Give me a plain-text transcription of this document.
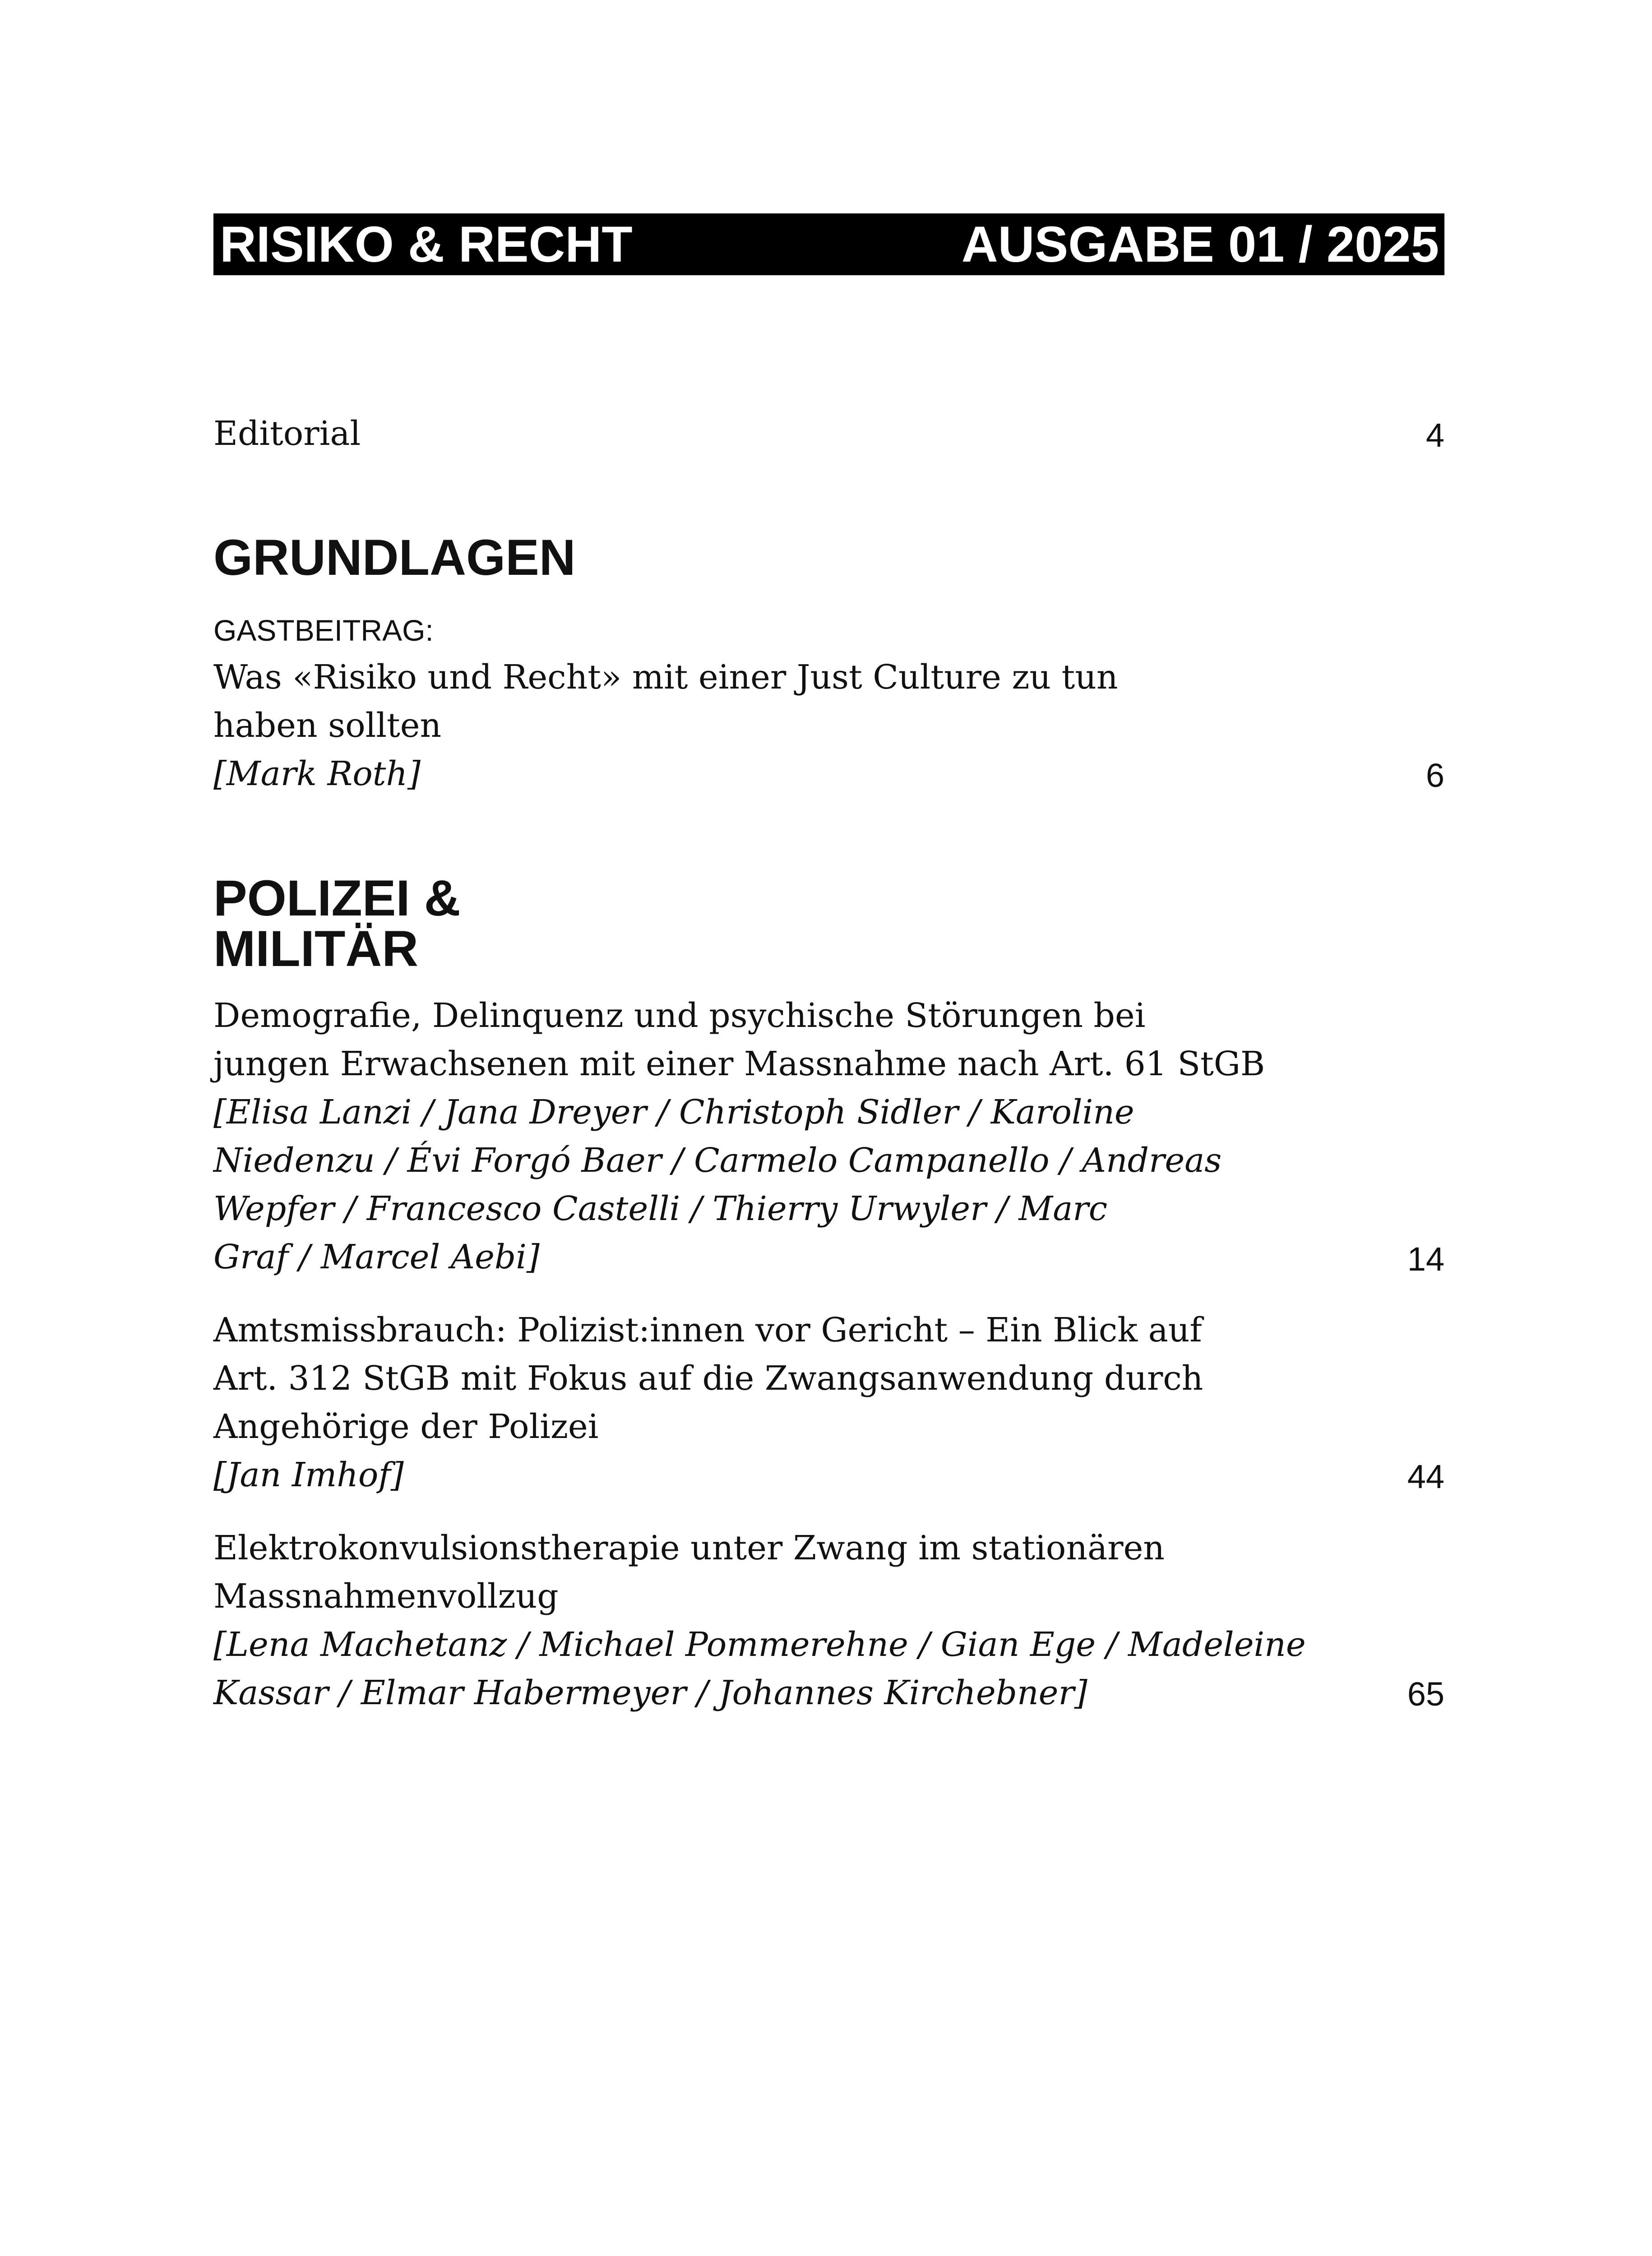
RISIKO & RECHT	AUSGABE 01 / 2025
Editorial	4
GRUNDLAGEN
GASTBEITRAG:
Was «Risiko und Recht» mit einer Just Culture zu tun
haben sollten
[Mark Roth]	6
POLIZEI &
MILITÄR
Demografie, Delinquenz und psychische Störungen bei
jungen Erwachsenen mit einer Massnahme nach Art. 61 StGB
[Elisa Lanzi / Jana Dreyer / Christoph Sidler / Karoline
Niedenzu / Évi Forgó Baer / Carmelo Campanello / Andreas
Wepfer / Francesco Castelli / Thierry Urwyler / Marc
Graf / Marcel Aebi]	14
Amtsmissbrauch: Polizist:innen vor Gericht – Ein Blick auf
Art. 312 StGB mit Fokus auf die Zwangsanwendung durch
Angehörige der Polizei
[Jan Imhof]	44
Elektrokonvulsionstherapie unter Zwang im stationären
Massnahmenvollzug
[Lena Machetanz / Michael Pommerehne / Gian Ege / Madeleine
Kassar / Elmar Habermeyer / Johannes Kirchebner]	65
